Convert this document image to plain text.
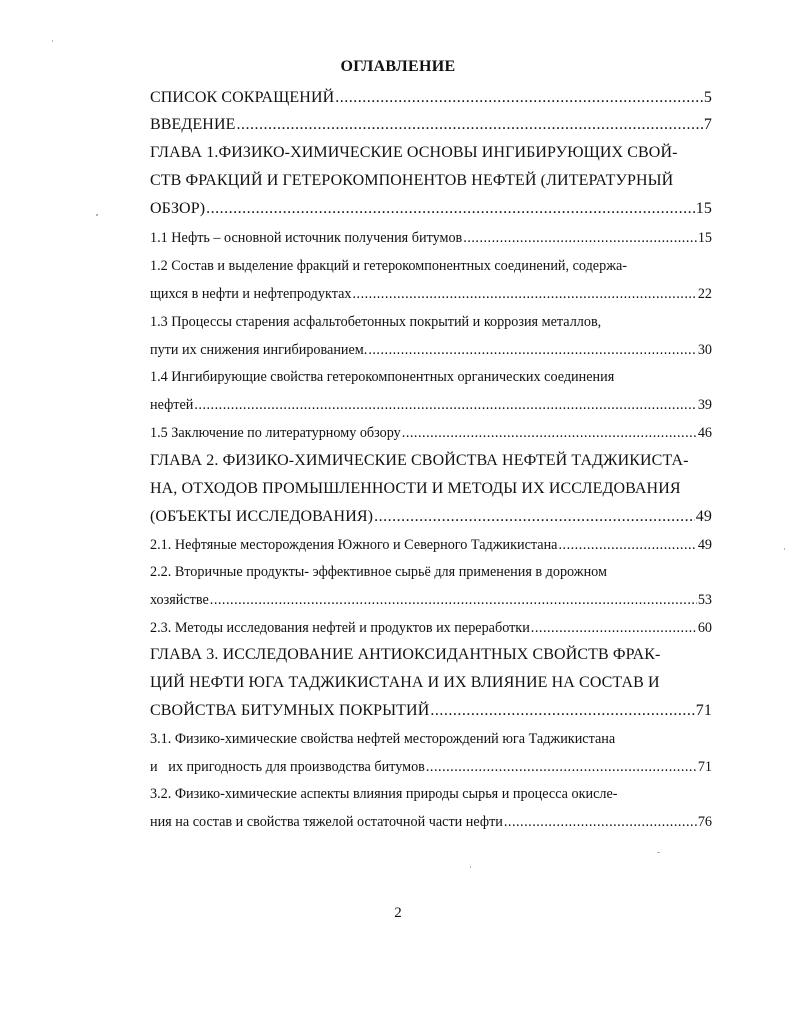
ОГЛАВЛЕНИЕ
СПИСОК СОКРАЩЕНИЙ .....	5
ВВЕДЕНИЕ .....	7
ГЛАВА 1.ФИЗИКО-ХИМИЧЕСКИЕ ОСНОВЫ ИНГИБИРУЮЩИХ СВОЙ-
СТВ ФРАКЦИЙ И ГЕТЕРОКОМПОНЕНТОВ НЕФТЕЙ (ЛИТЕРАТУРНЫЙ
ОБЗОР) .....	15
1.1 Нефть – основной источник получения битумов .....	15
1.2 Состав и выделение фракций и гетерокомпонентных соединений, содержа-
щихся в нефти и нефтепродуктах .....	22
1.3 Процессы старения асфальтобетонных покрытий и коррозия металлов,
пути их снижения ингибированием. .....	30
1.4 Ингибирующие свойства гетерокомпонентных органических соединения
нефтей .....	39
1.5 Заключение по литературному обзору .....	46
ГЛАВА 2. ФИЗИКО-ХИМИЧЕСКИЕ СВОЙСТВА НЕФТЕЙ ТАДЖИКИСТА-
НА, ОТХОДОВ ПРОМЫШЛЕННОСТИ И МЕТОДЫ ИХ ИССЛЕДОВАНИЯ
(ОБЪЕКТЫ ИССЛЕДОВАНИЯ) .....	49
2.1. Нефтяные месторождения Южного и Северного Таджикистана .....	49
2.2. Вторичные продукты- эффективное сырьё для применения в дорожном
хозяйстве .....	53
2.3. Методы исследования нефтей и продуктов их переработки .....	60
ГЛАВА 3. ИССЛЕДОВАНИЕ АНТИОКСИДАНТНЫХ СВОЙСТВ ФРАК-
ЦИЙ НЕФТИ ЮГА ТАДЖИКИСТАНА И ИХ ВЛИЯНИЕ НА СОСТАВ И
СВОЙСТВА БИТУМНЫХ ПОКРЫТИЙ .....	71
3.1. Физико-химические свойства нефтей месторождений юга Таджикистана
и   их пригодность для производства битумов .....	71
3.2. Физико-химические аспекты влияния природы сырья и процесса окисле-
ния на состав и свойства тяжелой остаточной части нефти .....	76
2
